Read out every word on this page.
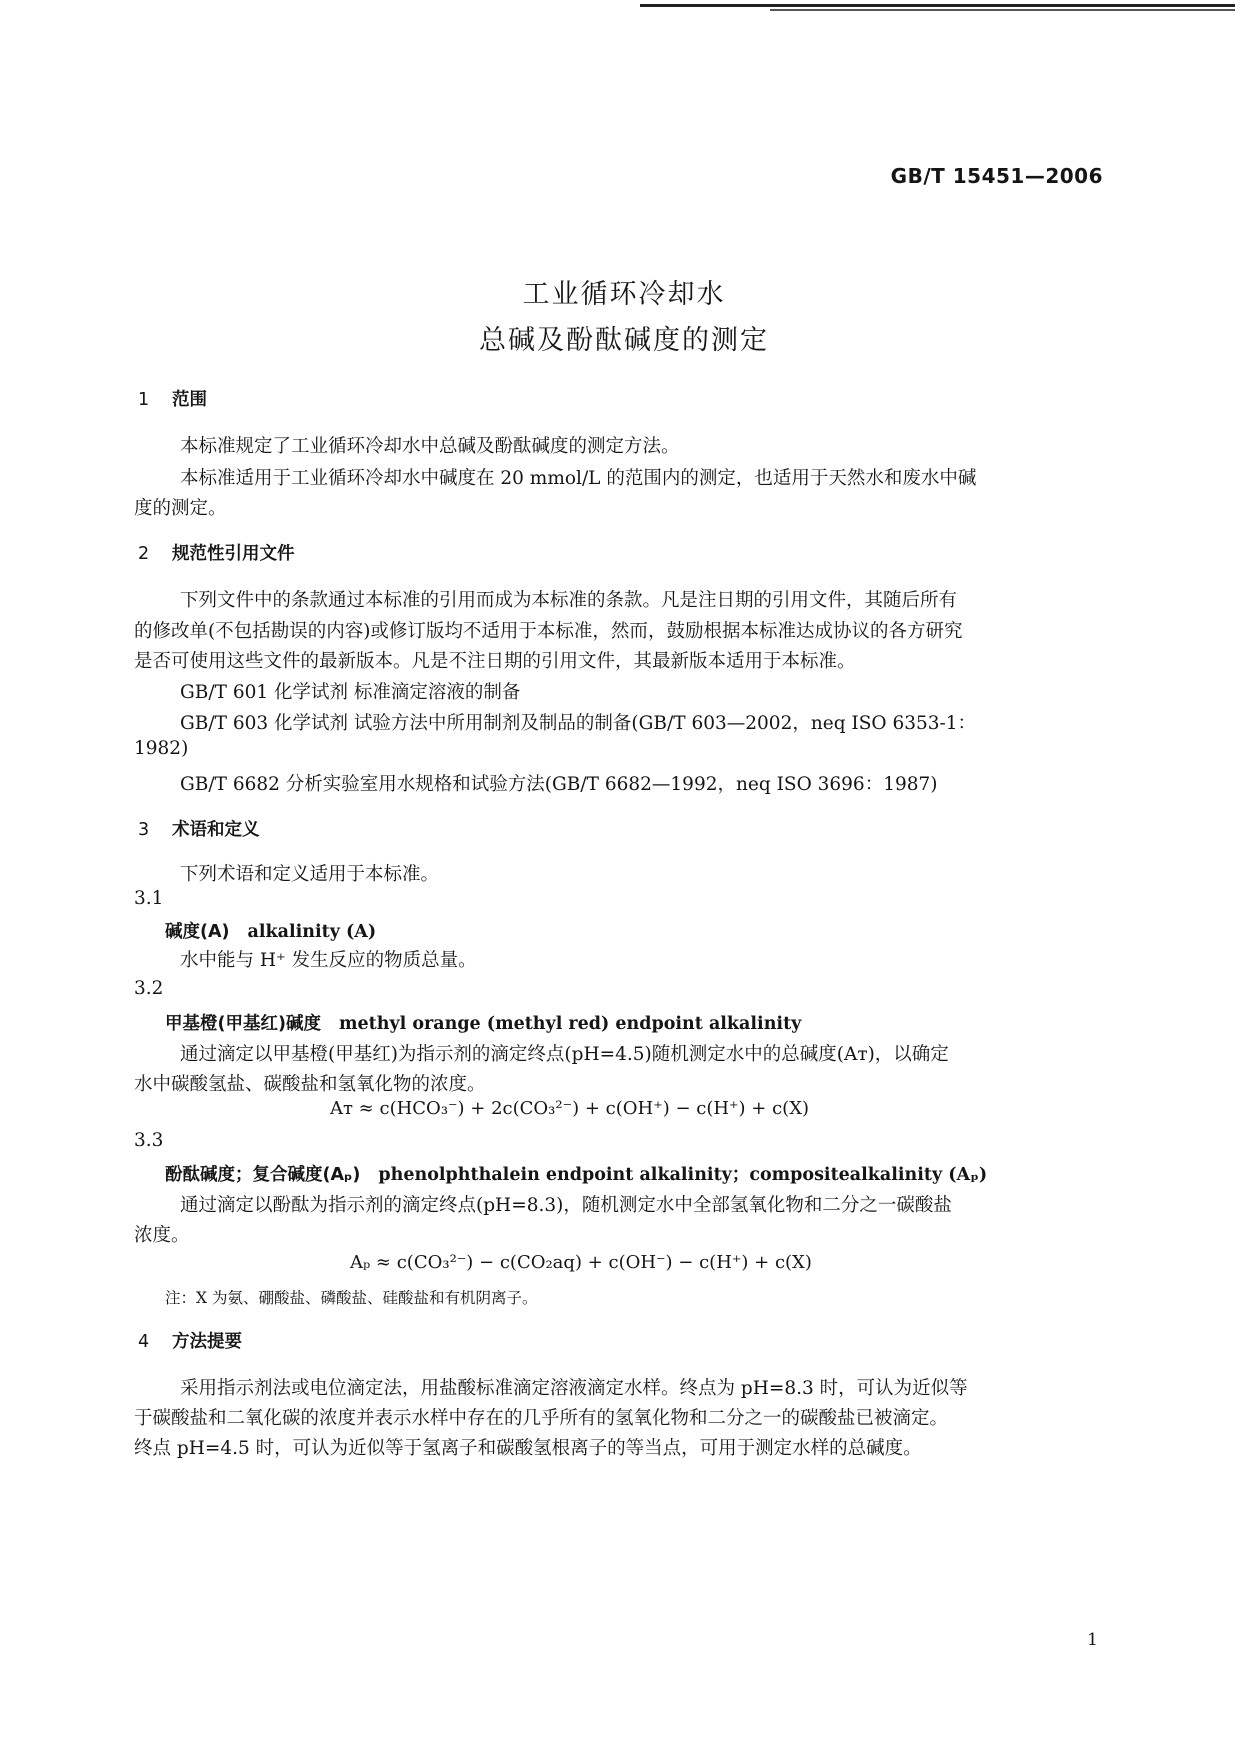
GB/T 15451—2006
工业循环冷却水
总碱及酚酞碱度的测定
1 范围
本标准规定了工业循环冷却水中总碱及酚酞碱度的测定方法。
本标准适用于工业循环冷却水中碱度在 20 mmol/L 的范围内的测定，也适用于天然水和废水中碱
度的测定。
2 规范性引用文件
下列文件中的条款通过本标准的引用而成为本标准的条款。凡是注日期的引用文件，其随后所有
的修改单(不包括勘误的内容)或修订版均不适用于本标准，然而，鼓励根据本标准达成协议的各方研究
是否可使用这些文件的最新版本。凡是不注日期的引用文件，其最新版本适用于本标准。
GB/T 601 化学试剂 标准滴定溶液的制备
GB/T 603 化学试剂 试验方法中所用制剂及制品的制备(GB/T 603—2002，neq ISO 6353-1：
1982)
GB/T 6682 分析实验室用水规格和试验方法(GB/T 6682—1992，neq ISO 3696：1987)
3 术语和定义
下列术语和定义适用于本标准。
3.1
碱度(A) alkalinity (A)
水中能与 H⁺ 发生反应的物质总量。
3.2
甲基橙(甲基红)碱度 methyl orange (methyl red) endpoint alkalinity
通过滴定以甲基橙(甲基红)为指示剂的滴定终点(pH=4.5)随机测定水中的总碱度(Aᴛ)，以确定
水中碳酸氢盐、碳酸盐和氢氧化物的浓度。
Aᴛ ≈ c(HCO₃⁻) + 2c(CO₃²⁻) + c(OH⁺) − c(H⁺) + c(X)
3.3
酚酞碱度；复合碱度(Aₚ) phenolphthalein endpoint alkalinity；compositealkalinity (Aₚ)
通过滴定以酚酞为指示剂的滴定终点(pH=8.3)，随机测定水中全部氢氧化物和二分之一碳酸盐
浓度。
Aₚ ≈ c(CO₃²⁻) − c(CO₂aq) + c(OH⁻) − c(H⁺) + c(X)
注：X 为氨、硼酸盐、磷酸盐、硅酸盐和有机阴离子。
4 方法提要
采用指示剂法或电位滴定法，用盐酸标准滴定溶液滴定水样。终点为 pH=8.3 时，可认为近似等
于碳酸盐和二氧化碳的浓度并表示水样中存在的几乎所有的氢氧化物和二分之一的碳酸盐已被滴定。
终点 pH=4.5 时，可认为近似等于氢离子和碳酸氢根离子的等当点，可用于测定水样的总碱度。
1
